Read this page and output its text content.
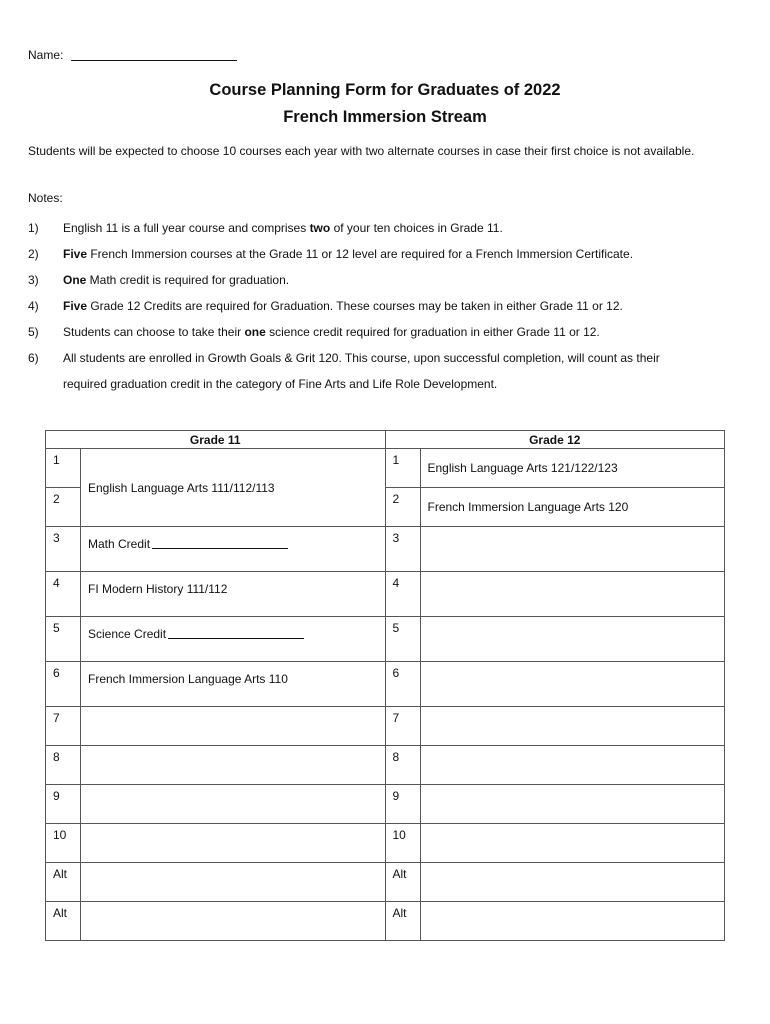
Name:
Course Planning Form for Graduates of 2022
French Immersion Stream
Students will be expected to choose 10 courses each year with two alternate courses in case their first choice is not available.
Notes:
1) English 11 is a full year course and comprises two of your ten choices in Grade 11.
2) Five French Immersion courses at the Grade 11 or 12 level are required for a French Immersion Certificate.
3) One Math credit is required for graduation.
4) Five Grade 12 Credits are required for Graduation. These courses may be taken in either Grade 11 or 12.
5) Students can choose to take their one science credit required for graduation in either Grade 11 or 12.
6) All students are enrolled in Growth Goals & Grit 120. This course, upon successful completion, will count as their
required graduation credit in the category of Fine Arts and Life Role Development.
Grade 11		Grade 12	
1	English Language Arts 111/112/113	1	English Language Arts 121/122/123
2		2	French Immersion Language Arts 120
3	Math Credit	3	
4	FI Modern History 111/112	4	
5	Science Credit	5	
6	French Immersion Language Arts 110	6	
7		7	
8		8	
9		9	
10		10	
Alt		Alt	
Alt		Alt	
